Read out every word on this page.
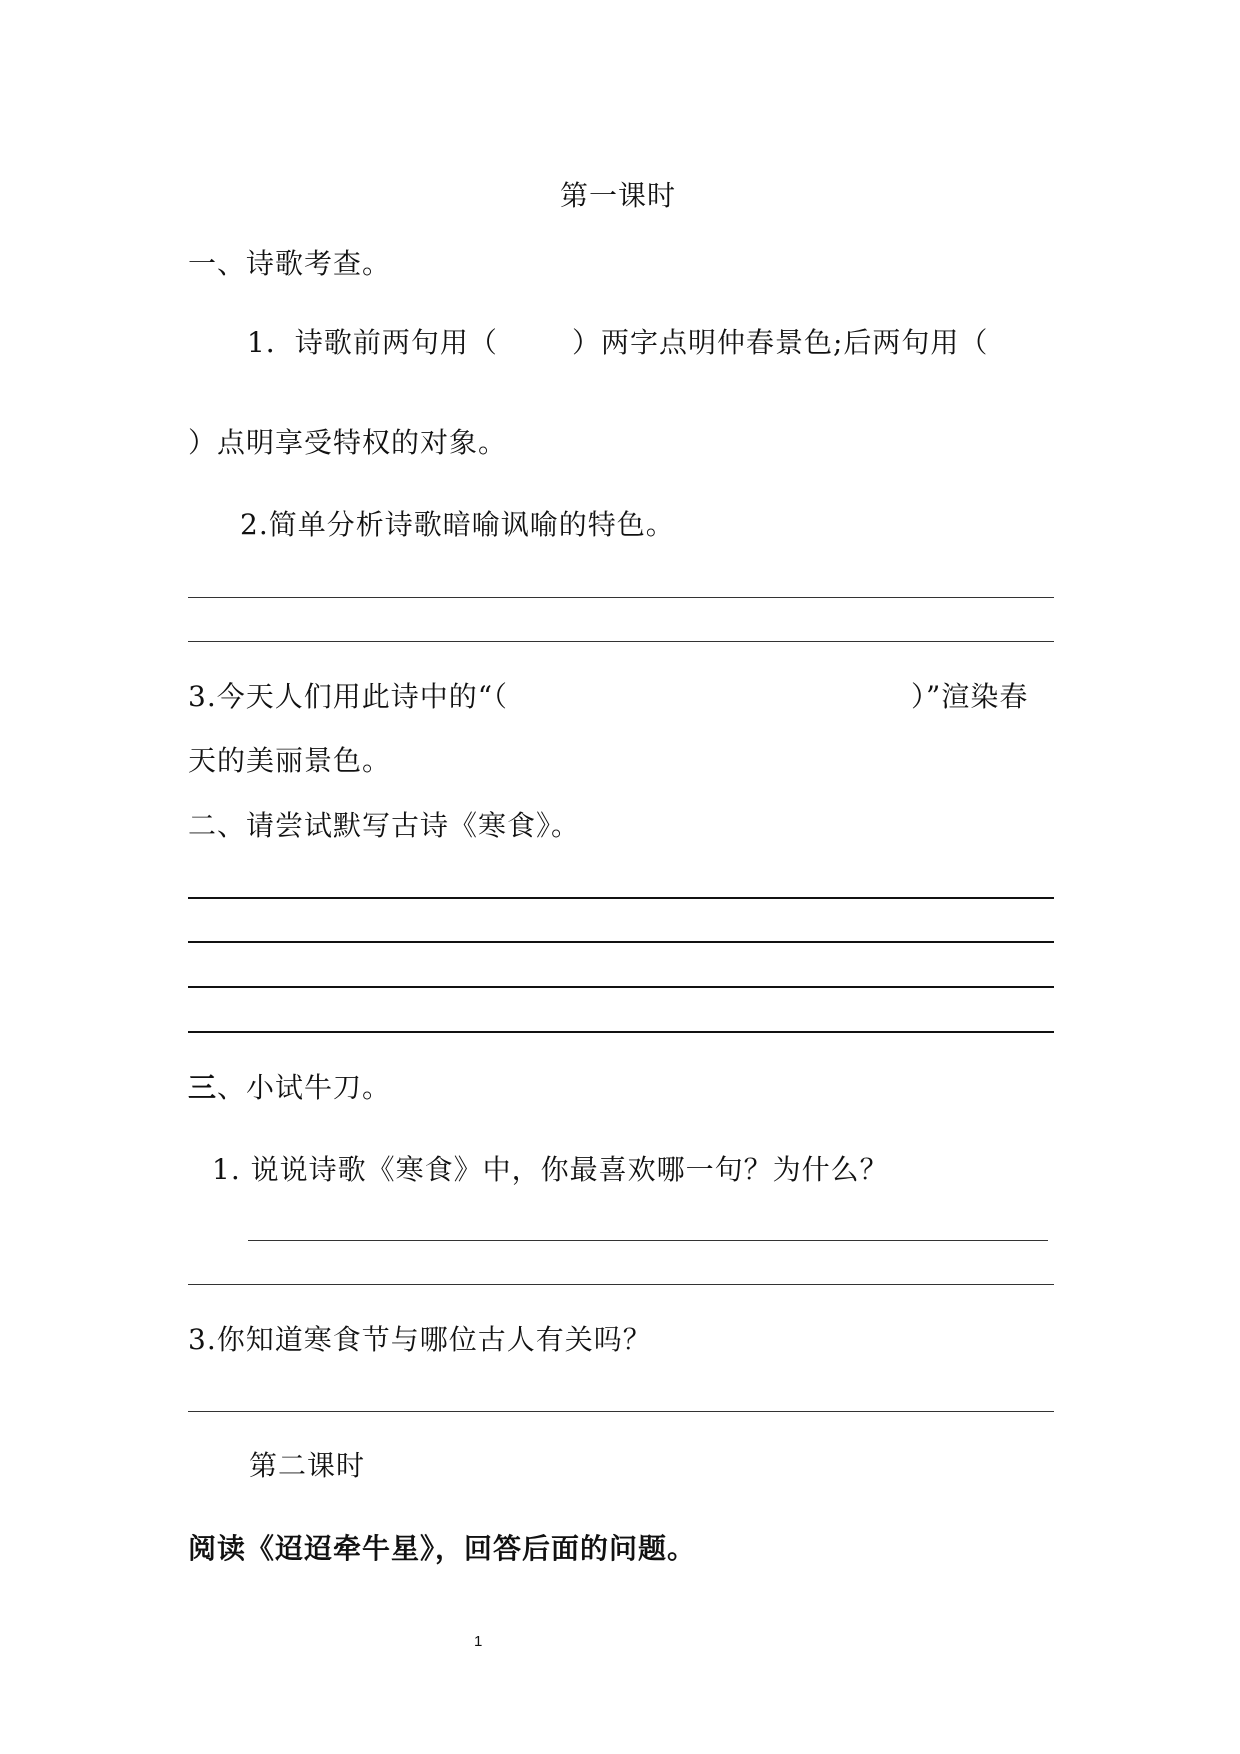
第一课时
一、诗歌考查。
1．诗歌前两句用（	）两字点明仲春景色;后两句用（
）点明享受特权的对象。
2.简单分析诗歌暗喻讽喻的特色。
3.今天人们用此诗中的“（	）”渲染春
天的美丽景色。
二、请尝试默写古诗《寒食》。
三、小试牛刀。
1. 说说诗歌《寒食》中，你最喜欢哪一句？为什么？
3.你知道寒食节与哪位古人有关吗？
第二课时
阅读《迢迢牵牛星》，回答后面的问题。
1
